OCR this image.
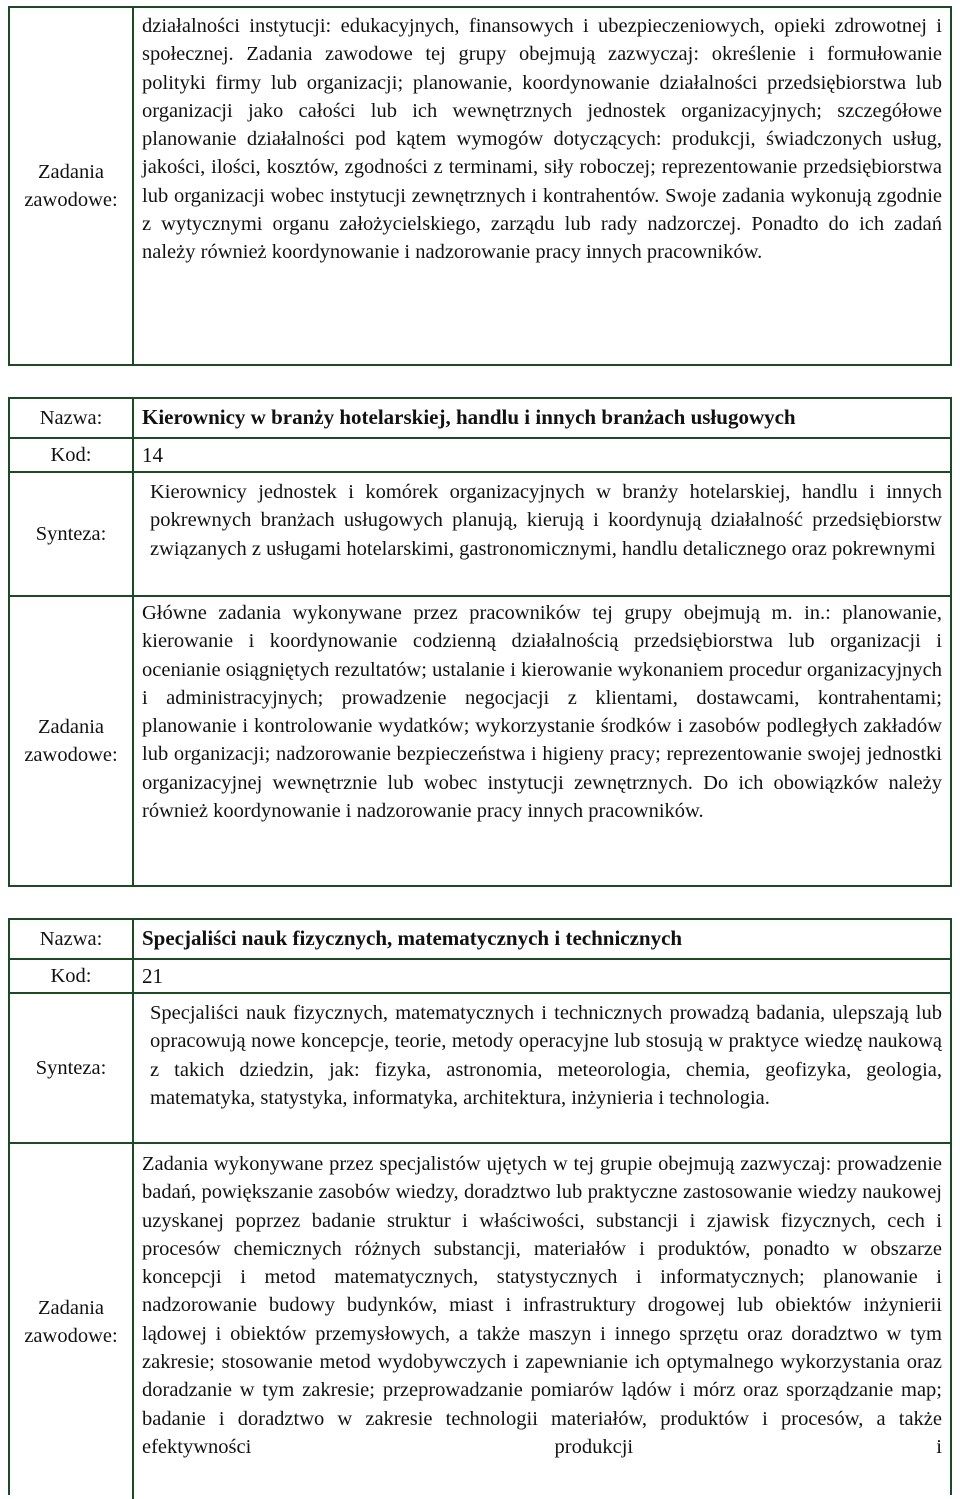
Zadania
zawodowe:
działalności instytucji: edukacyjnych, finansowych i ubezpieczeniowych, opieki zdrowotnej i społecznej. Zadania zawodowe tej grupy obejmują zazwyczaj: określenie i formułowanie polityki firmy lub organizacji; planowanie, koordynowanie działalności przedsiębiorstwa lub organizacji jako całości lub ich wewnętrznych jednostek organizacyjnych; szczegółowe planowanie działalności pod kątem wymogów dotyczących: produkcji, świadczonych usług, jakości, ilości, kosztów, zgodności z terminami, siły roboczej; reprezentowanie przedsiębiorstwa lub organizacji wobec instytucji zewnętrznych i kontrahentów. Swoje zadania wykonują zgodnie z wytycznymi organu założycielskiego, zarządu lub rady nadzorczej. Ponadto do ich zadań należy również koordynowanie i nadzorowanie pracy innych pracowników.
Nazwa:	Kierownicy w branży hotelarskiej, handlu i innych branżach usługowych
Kod:	14
Synteza:
Kierownicy jednostek i komórek organizacyjnych w branży hotelarskiej, handlu i innych pokrewnych branżach usługowych planują, kierują i koordynują działalność przedsiębiorstw związanych z usługami hotelarskimi, gastronomicznymi, handlu detalicznego oraz pokrewnymi
Zadania
zawodowe:
Główne zadania wykonywane przez pracowników tej grupy obejmują m. in.: planowanie, kierowanie i koordynowanie codzienną działalnością przedsiębiorstwa lub organizacji i ocenianie osiągniętych rezultatów; ustalanie i kierowanie wykonaniem procedur organizacyjnych i administracyjnych; prowadzenie negocjacji z klientami, dostawcami, kontrahentami; planowanie i kontrolowanie wydatków; wykorzystanie środków i zasobów podległych zakładów lub organizacji; nadzorowanie bezpieczeństwa i higieny pracy; reprezentowanie swojej jednostki organizacyjnej wewnętrznie lub wobec instytucji zewnętrznych. Do ich obowiązków należy również koordynowanie i nadzorowanie pracy innych pracowników.
Nazwa:	Specjaliści nauk fizycznych, matematycznych i technicznych
Kod:	21
Synteza:
Specjaliści nauk fizycznych, matematycznych i technicznych prowadzą badania, ulepszają lub opracowują nowe koncepcje, teorie, metody operacyjne lub stosują w praktyce wiedzę naukową z takich dziedzin, jak: fizyka, astronomia, meteorologia, chemia, geofizyka, geologia, matematyka, statystyka, informatyka, architektura, inżynieria i technologia.
Zadania
zawodowe:
Zadania wykonywane przez specjalistów ujętych w tej grupie obejmują zazwyczaj: prowadzenie badań, powiększanie zasobów wiedzy, doradztwo lub praktyczne zastosowanie wiedzy naukowej uzyskanej poprzez badanie struktur i właściwości, substancji i zjawisk fizycznych, cech i procesów chemicznych różnych substancji, materiałów i produktów, ponadto w obszarze koncepcji i metod matematycznych, statystycznych i informatycznych; planowanie i nadzorowanie budowy budynków, miast i infrastruktury drogowej lub obiektów inżynierii lądowej i obiektów przemysłowych, a także maszyn i innego sprzętu oraz doradztwo w tym zakresie; stosowanie metod wydobywczych i zapewnianie ich optymalnego wykorzystania oraz doradzanie w tym zakresie; przeprowadzanie pomiarów lądów i mórz oraz sporządzanie map; badanie i doradztwo w zakresie technologii materiałów, produktów i procesów, a także efektywności produkcji i
